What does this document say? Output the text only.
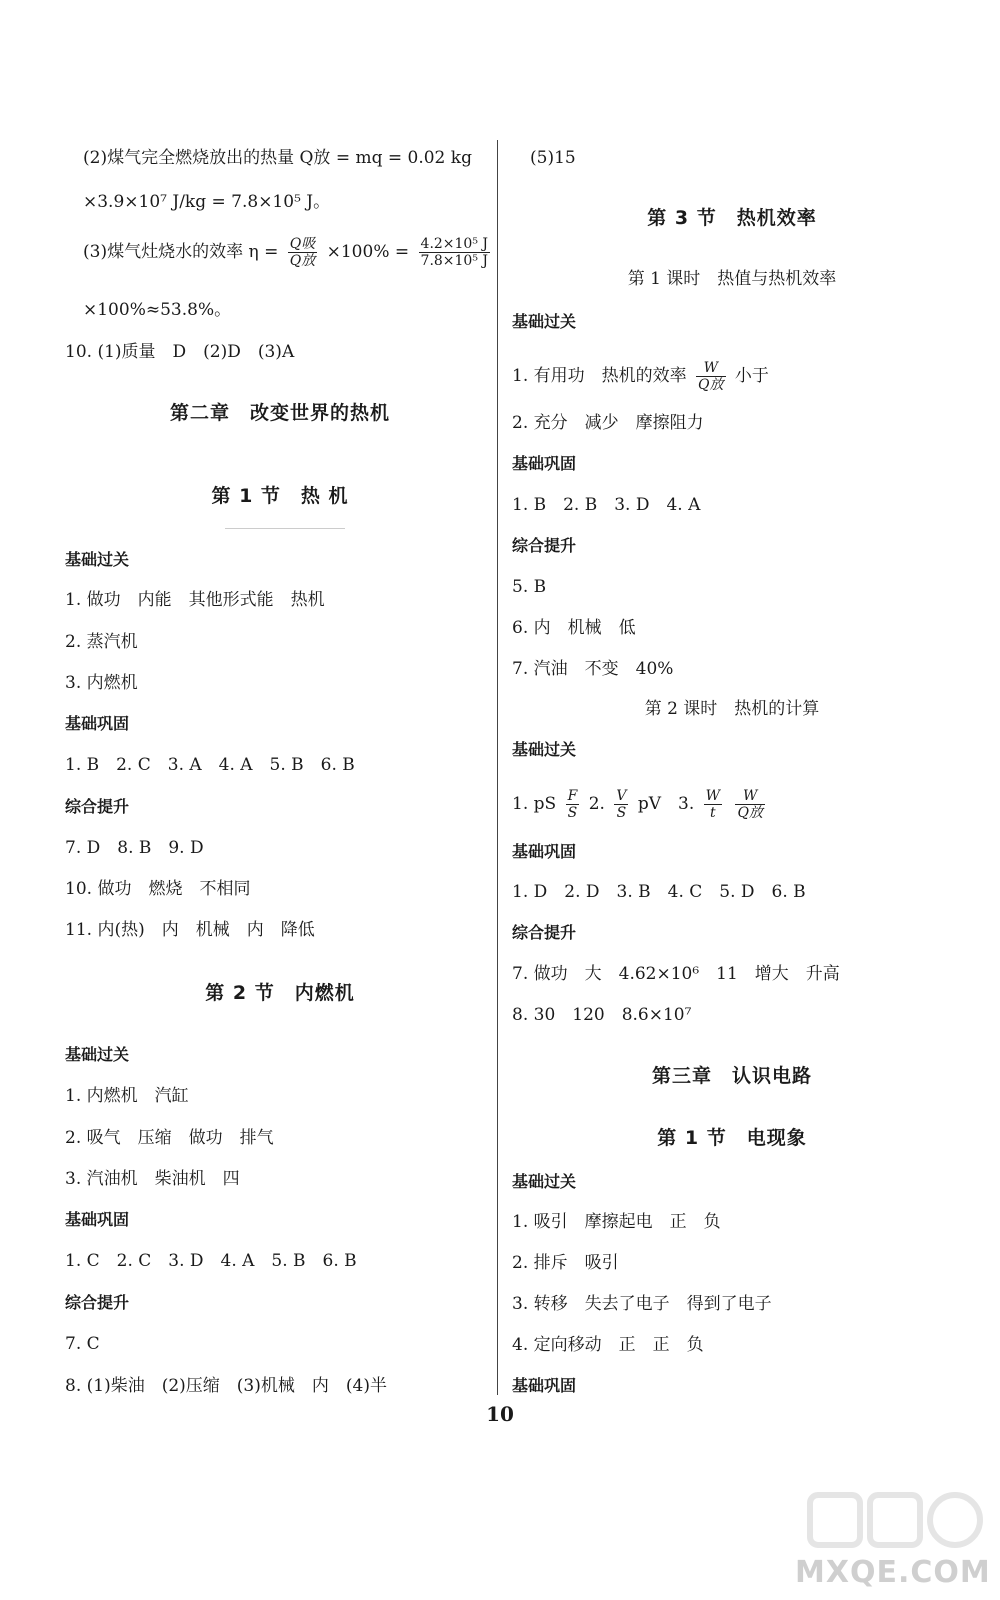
(2)煤气完全燃烧放出的热量 Q放 = mq = 0.02 kg
×3.9×10⁷ J/kg = 7.8×10⁵ J。
(3)煤气灶烧水的效率 $\eta = \frac{\text{Q吸}}{\text{Q放}} \times 100\% = \frac{\text{4.2×10⁵ J}}{\text{7.8×10⁵ J}}$
×100%≈53.8%。
10. (1)质量　D　(2)D　(3)A
第二章　改变世界的热机
第 1 节　热 机
基础过关
1. 做功　内能　其他形式能　热机
2. 蒸汽机
3. 内燃机
基础巩固
1. B　2. C　3. A　4. A　5. B　6. B
综合提升
7. D　8. B　9. D
10. 做功　燃烧　不相同
11. 内(热)　内　机械　内　降低
第 2 节　内燃机
基础过关
1. 内燃机　汽缸
2. 吸气　压缩　做功　排气
3. 汽油机　柴油机　四
基础巩固
1. C　2. C　3. D　4. A　5. B　6. B
综合提升
7. C
8. (1)柴油　(2)压缩　(3)机械　内　(4)半
(5)15
第 3 节　热机效率
第 1 课时　热值与热机效率
基础过关
1. 有用功　热机的效率 $\frac{W}{\text{Q放}}$ 小于
2. 充分　减少　摩擦阻力
基础巩固
1. B　2. B　3. D　4. A
综合提升
5. B
6. 内　机械　低
7. 汽油　不变　40%
第 2 课时　热机的计算
基础过关
1. pS $\frac{F}{S} 2$. $\frac{V}{S}$ pV　3. $\frac{W}{t}$
$\frac{W}{\text{Q放}}$
基础巩固
1. D　2. D　3. B　4. C　5. D　6. B
综合提升
7. 做功　大　4.62×10⁶　11　增大　升高
8. 30　120　8.6×10⁷
第三章　认识电路
第 1 节　电现象
基础过关
1. 吸引　摩擦起电　正　负
2. 排斥　吸引
3. 转移　失去了电子　得到了电子
4. 定向移动　正　正　负
基础巩固
10
MXQE.COM
